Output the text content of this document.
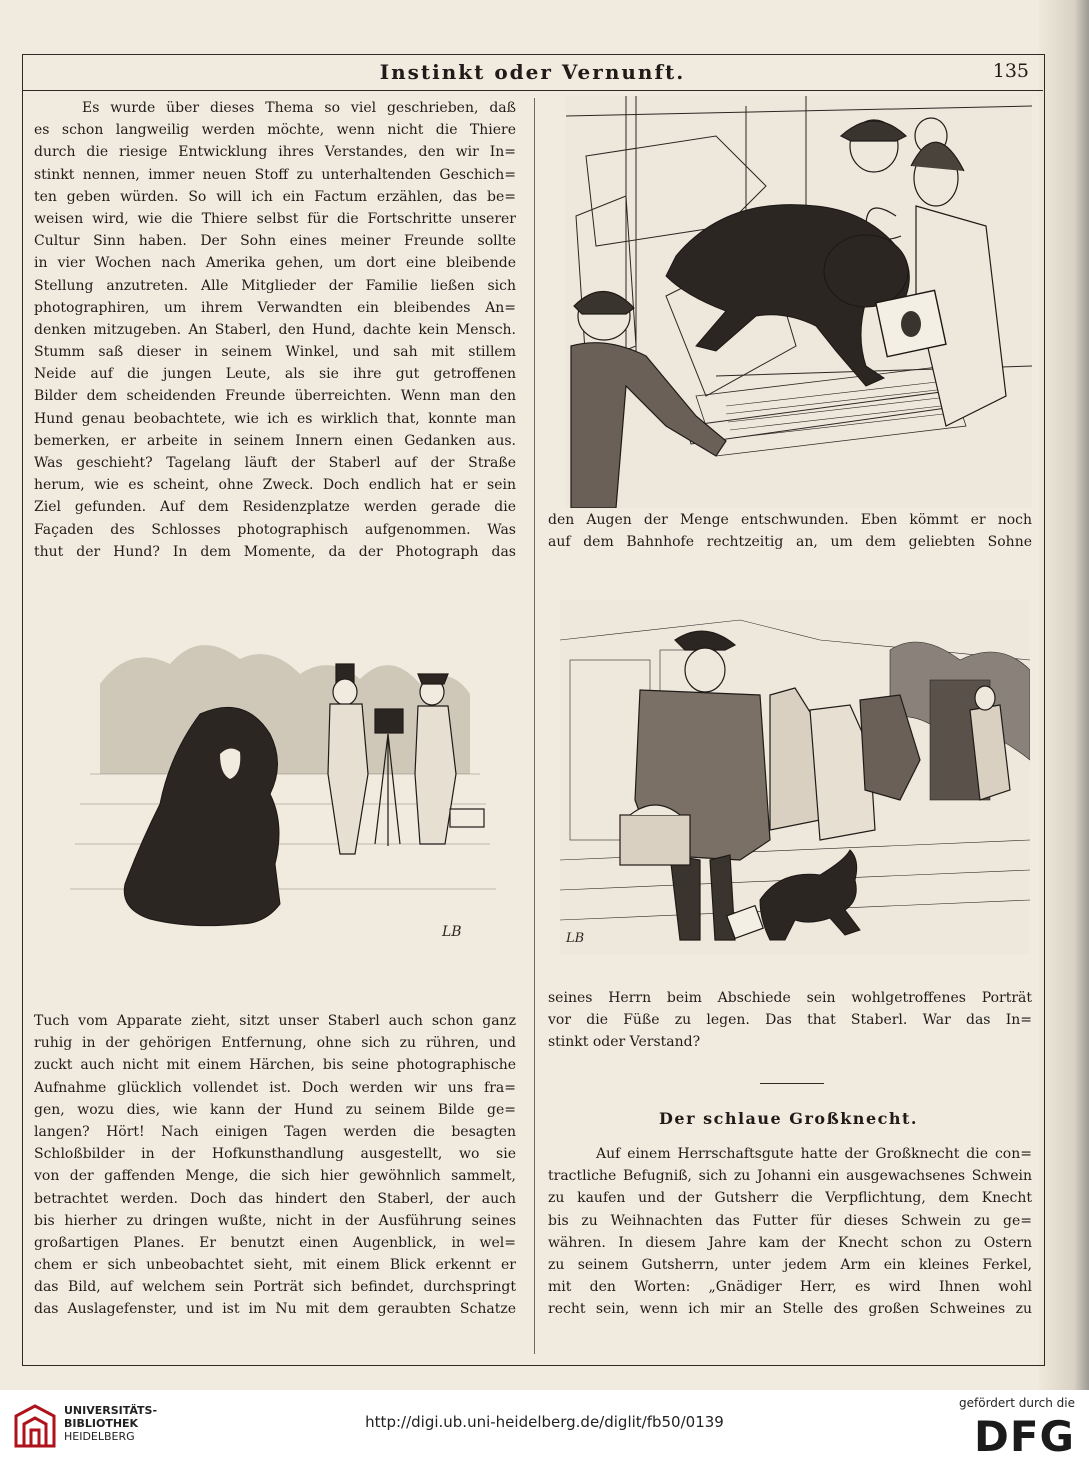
Instinkt oder Vernunft.	135
Es wurde über dieses Thema so viel geschrieben, daß
es schon langweilig werden möchte, wenn nicht die Thiere
durch die riesige Entwicklung ihres Verstandes, den wir In=
stinkt nennen, immer neuen Stoff zu unterhaltenden Geschich=
ten geben würden. So will ich ein Factum erzählen, das be=
weisen wird, wie die Thiere selbst für die Fortschritte unserer
Cultur Sinn haben. Der Sohn eines meiner Freunde sollte
in vier Wochen nach Amerika gehen, um dort eine bleibende
Stellung anzutreten. Alle Mitglieder der Familie ließen sich
photographiren, um ihrem Verwandten ein bleibendes An=
denken mitzugeben. An Staberl, den Hund, dachte kein Mensch.
Stumm saß dieser in seinem Winkel, und sah mit stillem
Neide auf die jungen Leute, als sie ihre gut getroffenen
Bilder dem scheidenden Freunde überreichten. Wenn man den
Hund genau beobachtete, wie ich es wirklich that, konnte man
bemerken, er arbeite in seinem Innern einen Gedanken aus.
Was geschieht? Tagelang läuft der Staberl auf der Straße
herum, wie es scheint, ohne Zweck. Doch endlich hat er sein
Ziel gefunden. Auf dem Residenzplatze werden gerade die
Façaden des Schlosses photographisch aufgenommen. Was
thut der Hund? In dem Momente, da der Photograph das
den Augen der Menge entschwunden. Eben kömmt er noch
auf dem Bahnhofe rechtzeitig an, um dem geliebten Sohne
LB	LB
Tuch vom Apparate zieht, sitzt unser Staberl auch schon ganz
ruhig in der gehörigen Entfernung, ohne sich zu rühren, und
zuckt auch nicht mit einem Härchen, bis seine photographische
Aufnahme glücklich vollendet ist. Doch werden wir uns fra=
gen, wozu dies, wie kann der Hund zu seinem Bilde ge=
langen? Hört! Nach einigen Tagen werden die besagten
Schloßbilder in der Hofkunsthandlung ausgestellt, wo sie
von der gaffenden Menge, die sich hier gewöhnlich sammelt,
betrachtet werden. Doch das hindert den Staberl, der auch
bis hierher zu dringen wußte, nicht in der Ausführung seines
großartigen Planes. Er benutzt einen Augenblick, in wel=
chem er sich unbeobachtet sieht, mit einem Blick erkennt er
das Bild, auf welchem sein Porträt sich befindet, durchspringt
das Auslagefenster, und ist im Nu mit dem geraubten Schatze
seines Herrn beim Abschiede sein wohlgetroffenes Porträt
vor die Füße zu legen. Das that Staberl. War das In=
stinkt oder Verstand?
Der schlaue Großknecht.
Auf einem Herrschaftsgute hatte der Großknecht die con=
tractliche Befugniß, sich zu Johanni ein ausgewachsenes Schwein
zu kaufen und der Gutsherr die Verpflichtung, dem Knecht
bis zu Weihnachten das Futter für dieses Schwein zu ge=
währen. In diesem Jahre kam der Knecht schon zu Ostern
zu seinem Gutsherrn, unter jedem Arm ein kleines Ferkel,
mit den Worten: „Gnädiger Herr, es wird Ihnen wohl
recht sein, wenn ich mir an Stelle des großen Schweines zu
UNIVERSITÄTS-
BIBLIOTHEK
HEIDELBERG
http://digi.ub.uni-heidelberg.de/diglit/fb50/0139
gefördert durch die
DFG
